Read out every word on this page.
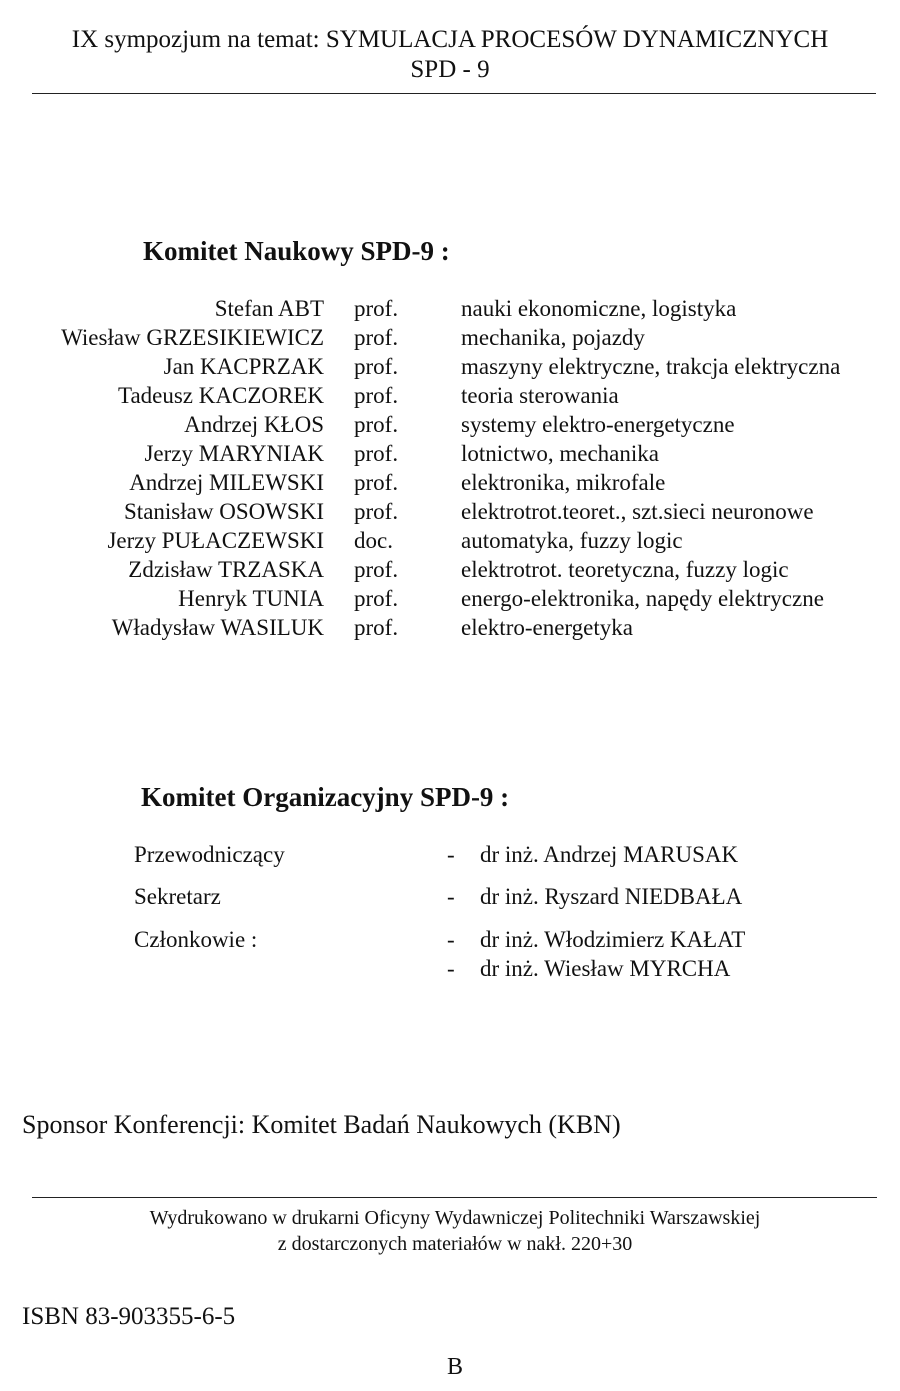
IX sympozjum na temat: SYMULACJA PROCESÓW DYNAMICZNYCH
SPD - 9
Komitet Naukowy SPD-9 :
Stefan ABT prof.	nauki ekonomiczne, logistyka
Wiesław GRZESIKIEWICZ prof.	mechanika, pojazdy
Jan KACPRZAK prof.	maszyny elektryczne, trakcja elektryczna
Tadeusz KACZOREK prof.	teoria sterowania
Andrzej KŁOS prof.	systemy elektro-energetyczne
Jerzy MARYNIAK prof.	lotnictwo, mechanika
Andrzej MILEWSKI prof.	elektronika, mikrofale
Stanisław OSOWSKI prof.	elektrotrot.teoret., szt.sieci neuronowe
Jerzy PUŁACZEWSKI doc.	automatyka, fuzzy logic
Zdzisław TRZASKA prof.	elektrotrot. teoretyczna, fuzzy logic
Henryk TUNIA prof.	energo-elektronika, napędy elektryczne
Władysław WASILUK prof.	elektro-energetyka
Komitet Organizacyjny SPD-9 :
Przewodniczący	- dr inż. Andrzej MARUSAK
Sekretarz	- dr inż. Ryszard NIEDBAŁA
Członkowie :	- dr inż. Włodzimierz KAŁAT
- dr inż. Wiesław MYRCHA
Sponsor Konferencji: Komitet Badań Naukowych (KBN)
Wydrukowano w drukarni Oficyny Wydawniczej Politechniki Warszawskiej
z dostarczonych materiałów w nakł. 220+30
ISBN 83-903355-6-5
B
